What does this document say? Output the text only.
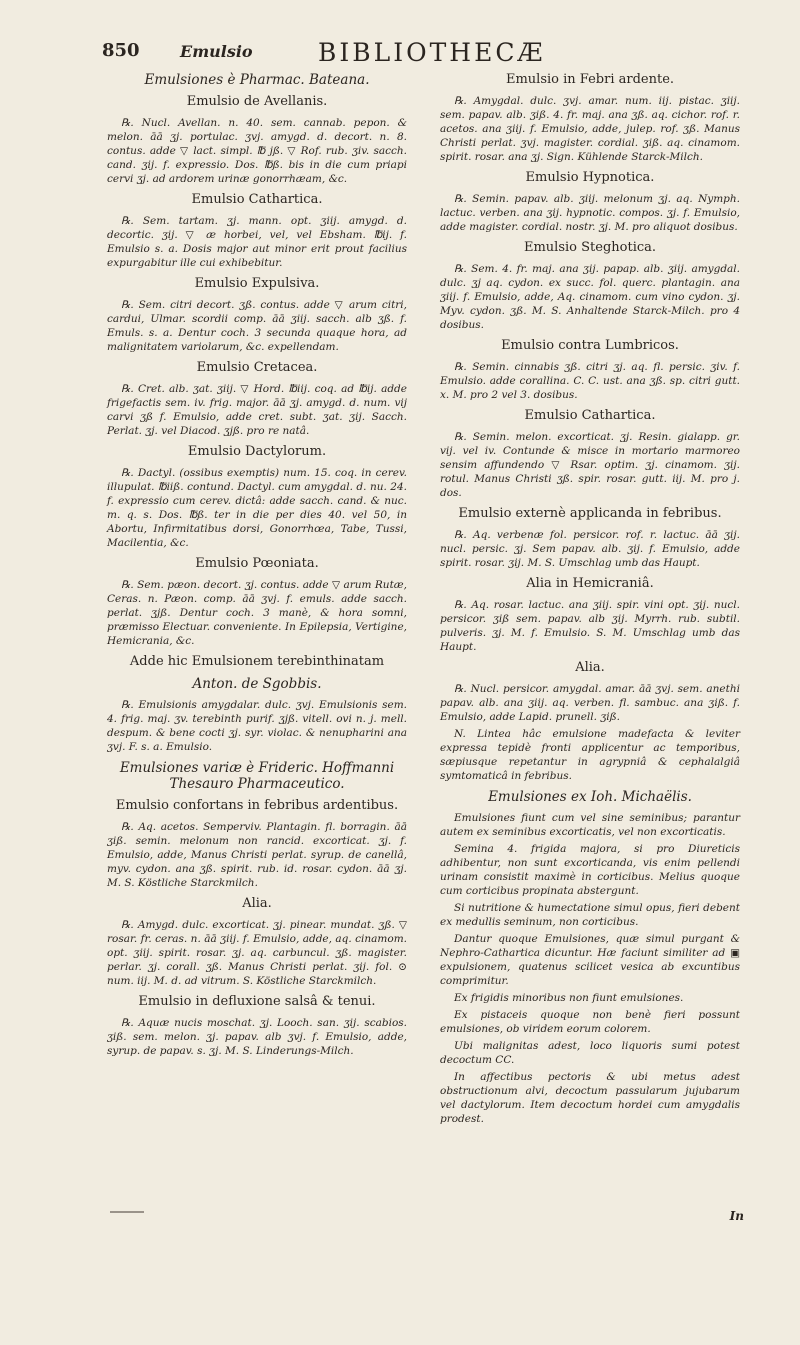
850	Emulsio	BIBLIOTHECÆ

Emulsiones è Pharmac. Bateana.

Emulsio de Avellanis.

℞. Nucl. Avellan. n. 40. sem. cannab. pepon. & melon. āā ʒj. portulac. ʒvj. amygd. d. decort. n. 8. contus. adde ▽ lact. simpl. ℔ jß. ▽ Rof. rub. ʒiv. sacch. cand. ʒij. f. expressio. Dos. ℔ß. bis in die cum priapi cervi ʒj. ad ardorem urinæ gonorrhæam, &c.

Emulsio Cathartica.

℞. Sem. tartam. ʒj. mann. opt. ʒiij. amygd. d. decortic. ʒij. ▽ æ horbei, vel, vel Ebsham. ℔ij. f. Emulsio s. a. Dosis major aut minor erit prout facilius expurgabitur ille cui exhibebitur.

Emulsio Expulsiva.

℞. Sem. citri decort. ʒß. contus. adde ▽ arum citri, cardui, Ulmar. scordii comp. āā ʒiij. sacch. alb ʒß. f. Emuls. s. a. Dentur coch. 3 secunda quaque hora, ad malignitatem variolarum, &c. expellendam.

Emulsio Cretacea.

℞. Cret. alb. ʒat. ʒiij. ▽ Hord. ℔iij. coq. ad ℔ij. adde frigefactis sem. iv. frig. major. āā ʒj. amygd. d. num. vij carvi ʒß f. Emulsio, adde cret. subt. ʒat. ʒij. Sacch. Perlat. ʒj. vel Diacod. ʒjß. pro re natâ.

Emulsio Dactylorum.

℞. Dactyl. (ossibus exemptis) num. 15. coq. in cerev. illupulat. ℔iiß. contund. Dactyl. cum amygdal. d. nu. 24. f. expressio cum cerev. dictâ: adde sacch. cand. & nuc. m. q. s. Dos. ℔ß. ter in die per dies 40. vel 50, in Abortu, Infirmitatibus dorsi, Gonorrhœa, Tabe, Tussi, Macilentia, &c.

Emulsio Pœoniata.

℞. Sem. pæon. decort. ʒj. contus. adde ▽ arum Rutæ, Ceras. n. Pæon. comp. āā ʒvj. f. emuls. adde sacch. perlat. ʒjß. Dentur coch. 3 manè, & hora somni, præmisso Electuar. conveniente. In Epilepsia, Vertigine, Hemicrania, &c.

Adde hic Emulsionem terebinthinatam

Anton. de Sgobbis.

℞. Emulsionis amygdalar. dulc. ʒvj. Emulsionis sem. 4. frig. maj. ʒv. terebinth purif. ʒjß. vitell. ovi n. j. mell. despum. & bene cocti ʒj. syr. violac. & nenupharini ana ʒvj. F. s. a. Emulsio.

Emulsiones variæ è Frideric. Hoffmanni Thesauro Pharmaceutico.

Emulsio confortans in febribus ardentibus.

℞. Aq. acetos. Semperviv. Plantagin. fl. borragin. āā ʒiß. semin. melonum non rancid. excorticat. ʒj. f. Emulsio, adde, Manus Christi perlat. syrup. de canellâ, myv. cydon. ana ʒß. spirit. rub. id. rosar. cydon. āā ʒj. M. S. Köstliche Starckmilch.

Alia.

℞. Amygd. dulc. excorticat. ʒj. pinear. mundat. ʒß. ▽ rosar. fr. ceras. n. āā ʒiij. f. Emulsio, adde, aq. cinamom. opt. ʒiij. spirit. rosar. ʒj. aq. carbuncul. ʒß. magister. perlar. ʒj. corall. ʒß. Manus Christi perlat. ʒij. fol. ⊙ num. iij. M. d. ad vitrum. S. Köstliche Starckmilch.

Emulsio in defluxione salsâ & tenui.

℞. Aquæ nucis moschat. ʒj. Looch. san. ʒij. scabios. ʒiß. sem. melon. ʒj. papav. alb ʒvj. f. Emulsio, adde, syrup. de papav. s. ʒj. M. S. Linderungs-Milch.

Emulsio in Febri ardente.

℞. Amygdal. dulc. ʒvj. amar. num. iij. pistac. ʒiij. sem. papav. alb. ʒiß. 4. fr. maj. ana ʒß. aq. cichor. rof. r. acetos. ana ʒiij. f. Emulsio, adde, julep. rof. ʒß. Manus Christi perlat. ʒvj. magister. cordial. ʒiß. aq. cinamom. spirit. rosar. ana ʒj. Sign. Kühlende Starck-Milch.

Emulsio Hypnotica.

℞. Semin. papav. alb. ʒiij. melonum ʒj. aq. Nymph. lactuc. verben. ana ʒij. hypnotic. compos. ʒj. f. Emulsio, adde magister. cordial. nostr. ʒj. M. pro aliquot dosibus.

Emulsio Steghotica.

℞. Sem. 4. fr. maj. ana ʒij. papap. alb. ʒiij. amygdal. dulc. ʒj aq. cydon. ex succ. fol. querc. plantagin. ana ʒiij. f. Emulsio, adde, Aq. cinamom. cum vino cydon. ʒj. Myv. cydon. ʒß. M. S. Anhaltende Starck-Milch. pro 4 dosibus.

Emulsio contra Lumbricos.

℞. Semin. cinnabis ʒß. citri ʒj. aq. fl. persic. ʒiv. f. Emulsio. adde corallina. C. C. ust. ana ʒß. sp. citri gutt. x. M. pro 2 vel 3. dosibus.

Emulsio Cathartica.

℞. Semin. melon. excorticat. ʒj. Resin. gialapp. gr. vij. vel iv. Contunde & misce in mortario marmoreo sensim affundendo ▽ Rsar. optim. ʒj. cinamom. ʒij. rotul. Manus Christi ʒß. spir. rosar. gutt. iij. M. pro j. dos.

Emulsio externè applicanda in febribus.

℞. Aq. verbenæ fol. persicor. rof. r. lactuc. āā ʒij. nucl. persic. ʒj. Sem papav. alb. ʒij. f. Emulsio, adde spirit. rosar. ʒij. M. S. Umschlag umb das Haupt.

Alia in Hemicraniâ.

℞. Aq. rosar. lactuc. ana ʒiij. spir. vini opt. ʒij. nucl. persicor. ʒiß sem. papav. alb ʒij. Myrrh. rub. subtil. pulveris. ʒj. M. f. Emulsio. S. M. Umschlag umb das Haupt.

Alia.

℞. Nucl. persicor. amygdal. amar. āā ʒvj. sem. anethi papav. alb. ana ʒiij. aq. verben. fl. sambuc. ana ʒiß. f. Emulsio, adde Lapid. prunell. ʒiß.

N. Lintea hâc emulsione madefacta & leviter expressa tepidè fronti applicentur ac temporibus, sæpiusque repetantur in agrypniâ & cephalalgiâ symtomaticâ in febribus.

Emulsiones ex Ioh. Michaëlis.

Emulsiones fiunt cum vel sine seminibus; parantur autem ex seminibus excorticatis, vel non excorticatis.

Semina 4. frigida majora, si pro Diureticis adhibentur, non sunt excorticanda, vis enim pellendi urinam consistit maximè in corticibus. Melius quoque cum corticibus propinata abstergunt.

Si nutritione & humectatione simul opus, fieri debent ex medullis seminum, non corticibus.

Dantur quoque Emulsiones, quæ simul purgant & Nephro-Cathartica dicuntur. Hæ faciunt similiter ad ▣ expulsionem, quatenus scilicet vesica ab excuntibus comprimitur.

Ex frigidis minoribus non fiunt emulsiones.

Ex pistaceis quoque non benè fieri possunt emulsiones, ob viridem eorum colorem.

Ubi malignitas adest, loco liquoris sumi potest decoctum CC.

In affectibus pectoris & ubi metus adest obstructionum alvi, decoctum passularum jujubarum vel dactylorum. Item decoctum hordei cum amygdalis prodest.

In
